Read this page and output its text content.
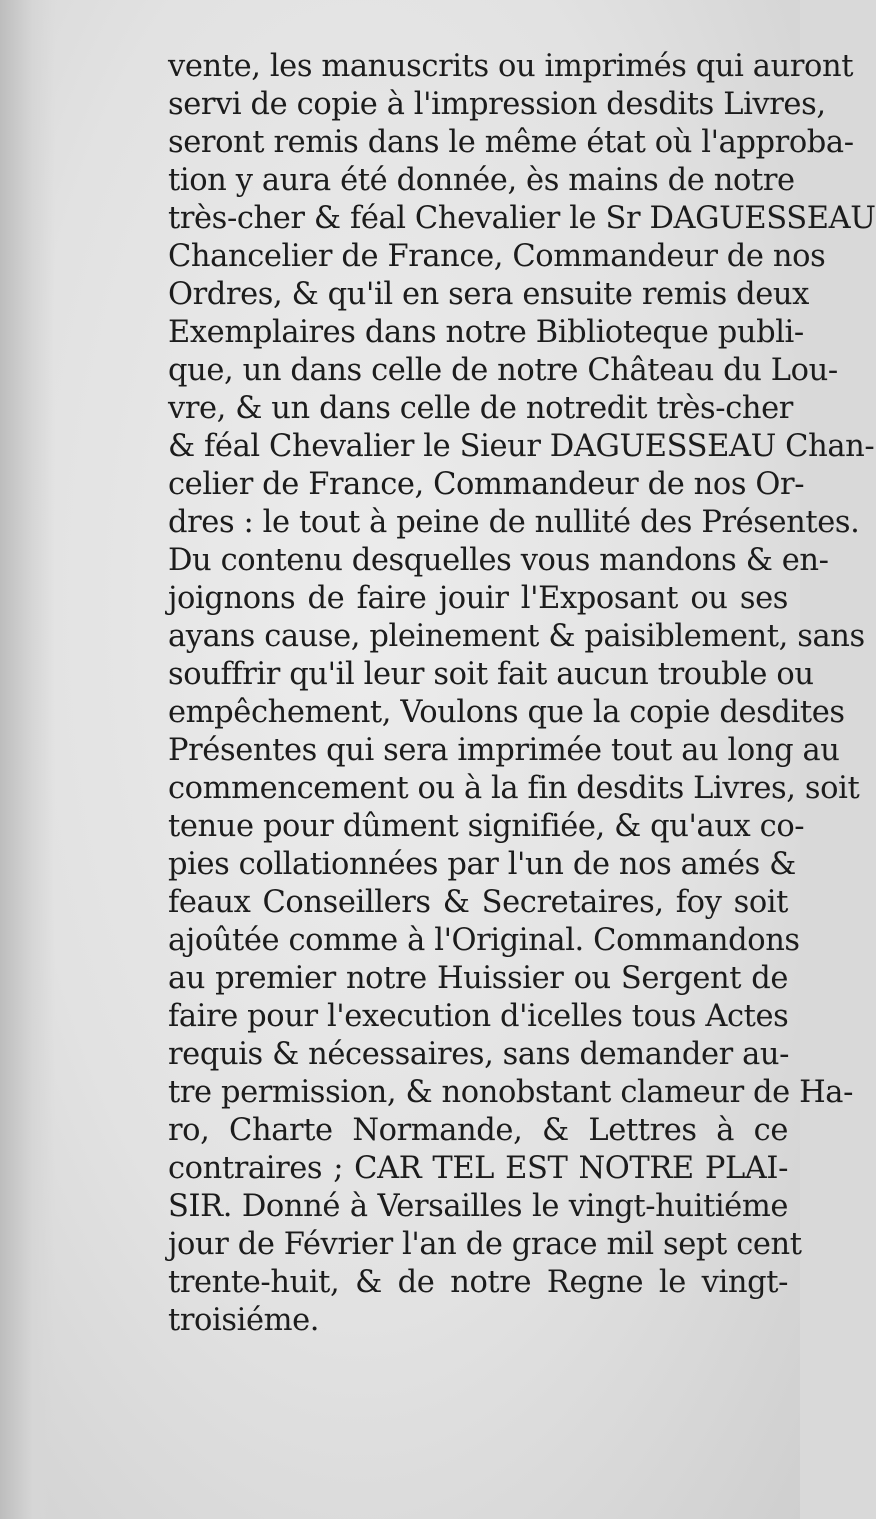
vente, les manuscrits ou imprimés qui auront
servi de copie à l'impression desdits Livres,
seront remis dans le même état où l'approba-
tion y aura été donnée, ès mains de notre
très-cher & féal Chevalier le Sr DAGUESSEAU
Chancelier de France, Commandeur de nos
Ordres, & qu'il en sera ensuite remis deux
Exemplaires dans notre Biblioteque publi-
que, un dans celle de notre Château du Lou-
vre, & un dans celle de notredit très-cher
& féal Chevalier le Sieur DAGUESSEAU Chan-
celier de France, Commandeur de nos Or-
dres : le tout à peine de nullité des Présentes.
Du contenu desquelles vous mandons & en-
joignons de faire jouir l'Exposant ou ses
ayans cause, pleinement & paisiblement, sans
souffrir qu'il leur soit fait aucun trouble ou
empêchement, Voulons que la copie desdites
Présentes qui sera imprimée tout au long au
commencement ou à la fin desdits Livres, soit
tenue pour dûment signifiée, & qu'aux co-
pies collationnées par l'un de nos amés &
feaux Conseillers & Secretaires, foy soit
ajoûtée comme à l'Original. Commandons
au premier notre Huissier ou Sergent de
faire pour l'execution d'icelles tous Actes
requis & nécessaires, sans demander au-
tre permission, & nonobstant clameur de Ha-
ro, Charte Normande, & Lettres à ce
contraires ; CAR TEL EST NOTRE PLAI-
SIR. Donné à Versailles le vingt-huitiéme
jour de Février l'an de grace mil sept cent
trente-huit, & de notre Regne le vingt-
troisiéme.
